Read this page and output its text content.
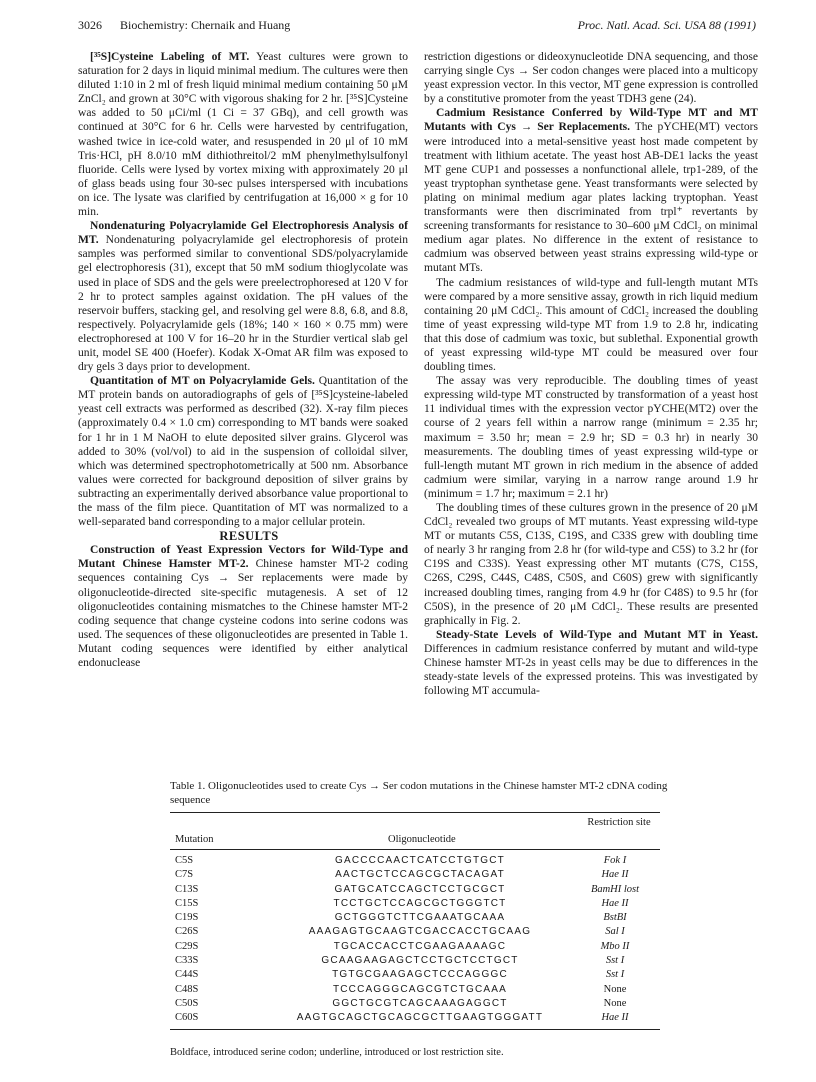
3026 Biochemistry: Chernaik and Huang	Proc. Natl. Acad. Sci. USA 88 (1991)

[³⁵S]Cysteine Labeling of MT. Yeast cultures were grown to saturation for 2 days in liquid minimal medium. The cultures were then diluted 1:10 in 2 ml of fresh liquid minimal medium containing 50 μM ZnCl₂ and grown at 30°C with vigorous shaking for 2 hr. [³⁵S]Cysteine was added to 50 μCi/ml (1 Ci = 37 GBq), and cell growth was continued at 30°C for 6 hr. Cells were harvested by centrifugation, washed twice in ice-cold water, and resuspended in 20 μl of 10 mM Tris·HCl, pH 8.0/10 mM dithiothreitol/2 mM phenylmethylsulfonyl fluoride. Cells were lysed by vortex mixing with approximately 20 μl of glass beads using four 30-sec pulses interspersed with incubations on ice. The lysate was clarified by centrifugation at 16,000 × g for 10 min.

Nondenaturing Polyacrylamide Gel Electrophoresis Analysis of MT. Nondenaturing polyacrylamide gel electrophoresis of protein samples was performed similar to conventional SDS/polyacrylamide gel electrophoresis (31), except that 50 mM sodium thioglycolate was used in place of SDS and the gels were preelectrophoresed at 120 V for 2 hr to protect samples against oxidation. The pH values of the reservoir buffers, stacking gel, and resolving gel were 8.8, 6.8, and 8.8, respectively. Polyacrylamide gels (18%; 140 × 160 × 0.75 mm) were electrophoresed at 100 V for 16–20 hr in the Sturdier vertical slab gel unit, model SE 400 (Hoefer). Kodak X-Omat AR film was exposed to dry gels 3 days prior to development.

Quantitation of MT on Polyacrylamide Gels. Quantitation of the MT protein bands on autoradiographs of gels of [³⁵S]cysteine-labeled yeast cell extracts was performed as described (32). X-ray film pieces (approximately 0.4 × 1.0 cm) corresponding to MT bands were soaked for 1 hr in 1 M NaOH to elute deposited silver grains. Glycerol was added to 30% (vol/vol) to aid in the suspension of colloidal silver, which was determined spectrophotometrically at 500 nm. Absorbance values were corrected for background deposition of silver grains by subtracting an experimentally derived absorbance value proportional to the mass of the film piece. Quantitation of MT was normalized to a well-separated band corresponding to a major cellular protein.

RESULTS

Construction of Yeast Expression Vectors for Wild-Type and Mutant Chinese Hamster MT-2. Chinese hamster MT-2 coding sequences containing Cys → Ser replacements were made by oligonucleotide-directed site-specific mutagenesis. A set of 12 oligonucleotides containing mismatches to the Chinese hamster MT-2 coding sequence that change cysteine codons into serine codons was used. The sequences of these oligonucleotides are presented in Table 1. Mutant coding sequences were identified by either analytical endonuclease

restriction digestions or dideoxynucleotide DNA sequencing, and those carrying single Cys → Ser codon changes were placed into a multicopy yeast expression vector. In this vector, MT gene expression is controlled by a constitutive promoter from the yeast TDH3 gene (24).

Cadmium Resistance Conferred by Wild-Type MT and MT Mutants with Cys → Ser Replacements. The pYCHE(MT) vectors were introduced into a metal-sensitive yeast host made competent by treatment with lithium acetate. The yeast host AB-DE1 lacks the yeast MT gene CUP1 and possesses a nonfunctional allele, trp1-289, of the yeast tryptophan synthetase gene. Yeast transformants were selected by plating on minimal medium agar plates lacking tryptophan. Yeast transformants were then discriminated from trpl⁺ revertants by screening transformants for resistance to 30–600 μM CdCl₂ on minimal medium agar plates. No difference in the extent of resistance to cadmium was observed between yeast strains expressing wild-type or mutant MTs.

The cadmium resistances of wild-type and full-length mutant MTs were compared by a more sensitive assay, growth in rich liquid medium containing 20 μM CdCl₂. This amount of CdCl₂ increased the doubling time of yeast expressing wild-type MT from 1.9 to 2.8 hr, indicating that this dose of cadmium was toxic, but sublethal. Exponential growth of yeast expressing wild-type MT could be measured over four doubling times.

The assay was very reproducible. The doubling times of yeast expressing wild-type MT constructed by transformation of a yeast host 11 individual times with the expression vector pYCHE(MT2) over the course of 2 years fell within a narrow range (minimum = 2.35 hr; maximum = 3.50 hr; mean = 2.9 hr; SD = 0.3 hr) in nearly 30 measurements. The doubling times of yeast expressing wild-type or full-length mutant MT grown in rich medium in the absence of added cadmium were similar, varying in a narrow range around 1.9 hr (minimum = 1.7 hr; maximum = 2.1 hr)

The doubling times of these cultures grown in the presence of 20 μM CdCl₂ revealed two groups of MT mutants. Yeast expressing wild-type MT or mutants C5S, C13S, C19S, and C33S grew with doubling time of nearly 3 hr ranging from 2.8 hr (for wild-type and C5S) to 3.2 hr (for C19S and C33S). Yeast expressing other MT mutants (C7S, C15S, C26S, C29S, C44S, C48S, C50S, and C60S) grew with significantly increased doubling times, ranging from 4.9 hr (for C48S) to 9.5 hr (for C50S), in the presence of 20 μM CdCl₂. These results are presented graphically in Fig. 2.

Steady-State Levels of Wild-Type and Mutant MT in Yeast. Differences in cadmium resistance conferred by mutant and wild-type Chinese hamster MT-2s in yeast cells may be due to differences in the steady-state levels of the expressed proteins. This was investigated by following MT accumula-

Table 1. Oligonucleotides used to create Cys → Ser codon mutations in the Chinese hamster MT-2 cDNA coding sequence
Mutation	Oligonucleotide
Restriction site
C5S	GACCCCAACTCATCCTGTGCT	Fok I
C7S	AACTGCTCCAGCGCTACAGAT	Hae II
C13S	GATGCATCCAGCTCCTGCGCT	BamHI lost
C15S	TCCTGCTCCAGCGCTGGGTCT	Hae II
C19S	GCTGGGTCTTCGAAATGCAAA	BstBI
C26S	AAAGAGTGCAAGTCGACCACCTGCAAG	Sal I
C29S	TGCACCACCTCGAAGAAAAGC	Mbo II
C33S	GCAAGAAGAGCTCCTGCTCCTGCT	Sst I
C44S	TGTGCGAAGAGCTCCCAGGGC	Sst I
C48S	TCCCAGGGCAGCGTCTGCAAA	None
C50S	GGCTGCGTCAGCAAAGAGGCT	None
C60S	AAGTGCAGCTGCAGCGCTTGAAGTGGGATT	Hae II
Boldface, introduced serine codon; underline, introduced or lost restriction site.
